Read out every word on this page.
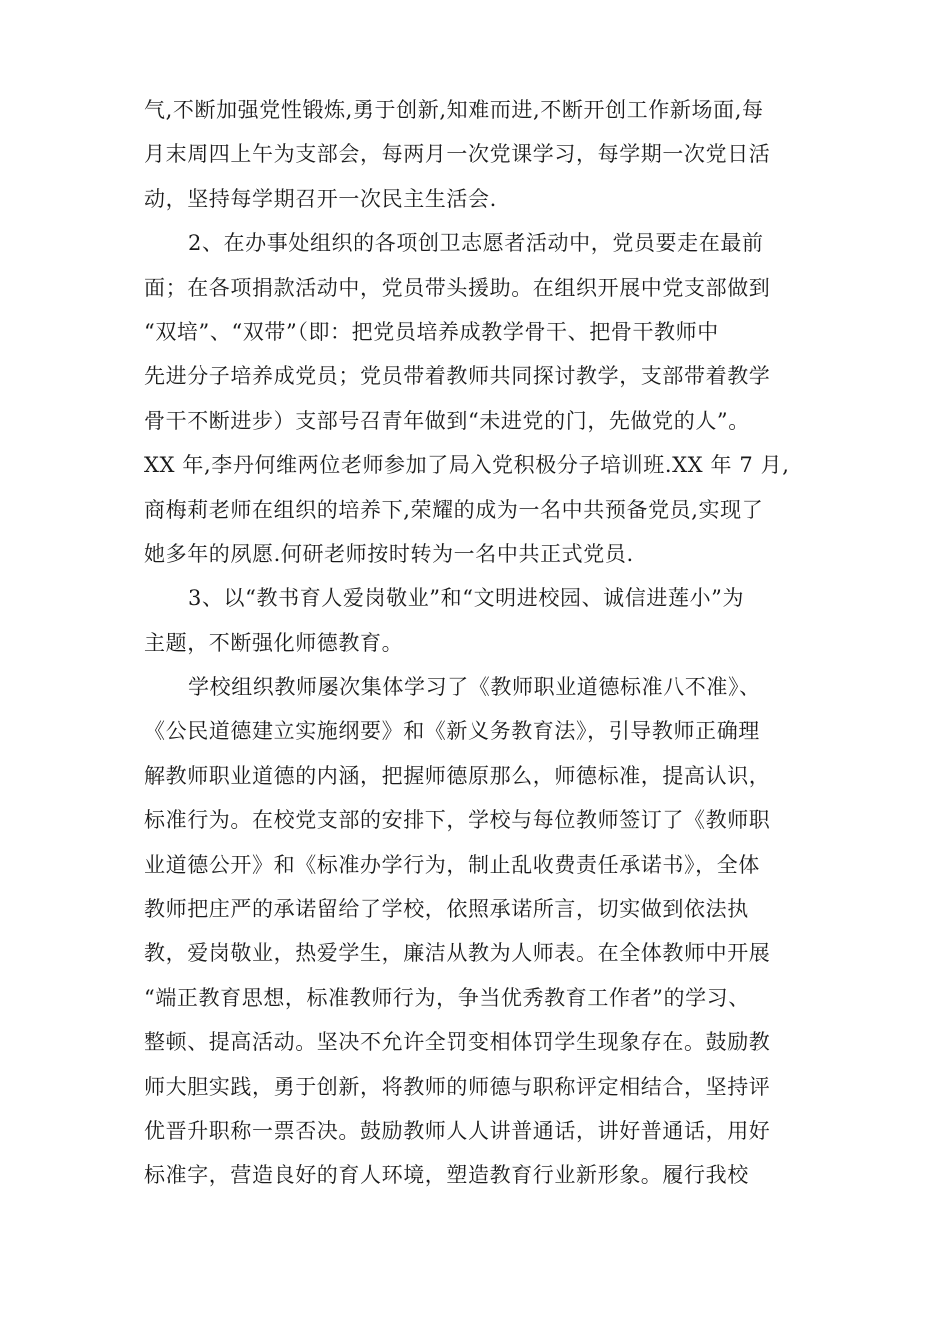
气,不断加强党性锻炼,勇于创新,知难而进,不断开创工作新场面,每
月末周四上午为支部会，每两月一次党课学习，每学期一次党日活
动，坚持每学期召开一次民主生活会.
2、在办事处组织的各项创卫志愿者活动中，党员要走在最前
面；在各项捐款活动中，党员带头援助。在组织开展中党支部做到
“双培”、“双带”（即：把党员培养成教学骨干、把骨干教师中
先进分子培养成党员；党员带着教师共同探讨教学，支部带着教学
骨干不断进步）支部号召青年做到“未进党的门，先做党的人”。
XX 年,李丹何维两位老师参加了局入党积极分子培训班.XX 年 7 月,
商梅莉老师在组织的培养下,荣耀的成为一名中共预备党员,实现了
她多年的夙愿.何研老师按时转为一名中共正式党员.
3、以“教书育人爱岗敬业”和“文明进校园、诚信进莲小”为
主题，不断强化师德教育。
学校组织教师屡次集体学习了《教师职业道德标准八不准》、
《公民道德建立实施纲要》和《新义务教育法》，引导教师正确理
解教师职业道德的内涵，把握师德原那么，师德标准，提高认识，
标准行为。在校党支部的安排下，学校与每位教师签订了《教师职
业道德公开》和《标准办学行为，制止乱收费责任承诺书》，全体
教师把庄严的承诺留给了学校，依照承诺所言，切实做到依法执
教，爱岗敬业，热爱学生，廉洁从教为人师表。在全体教师中开展
“端正教育思想，标准教师行为，争当优秀教育工作者”的学习、
整顿、提高活动。坚决不允许全罚变相体罚学生现象存在。鼓励教
师大胆实践，勇于创新，将教师的师德与职称评定相结合，坚持评
优晋升职称一票否决。鼓励教师人人讲普通话，讲好普通话，用好
标准字，营造良好的育人环境，塑造教育行业新形象。履行我校
